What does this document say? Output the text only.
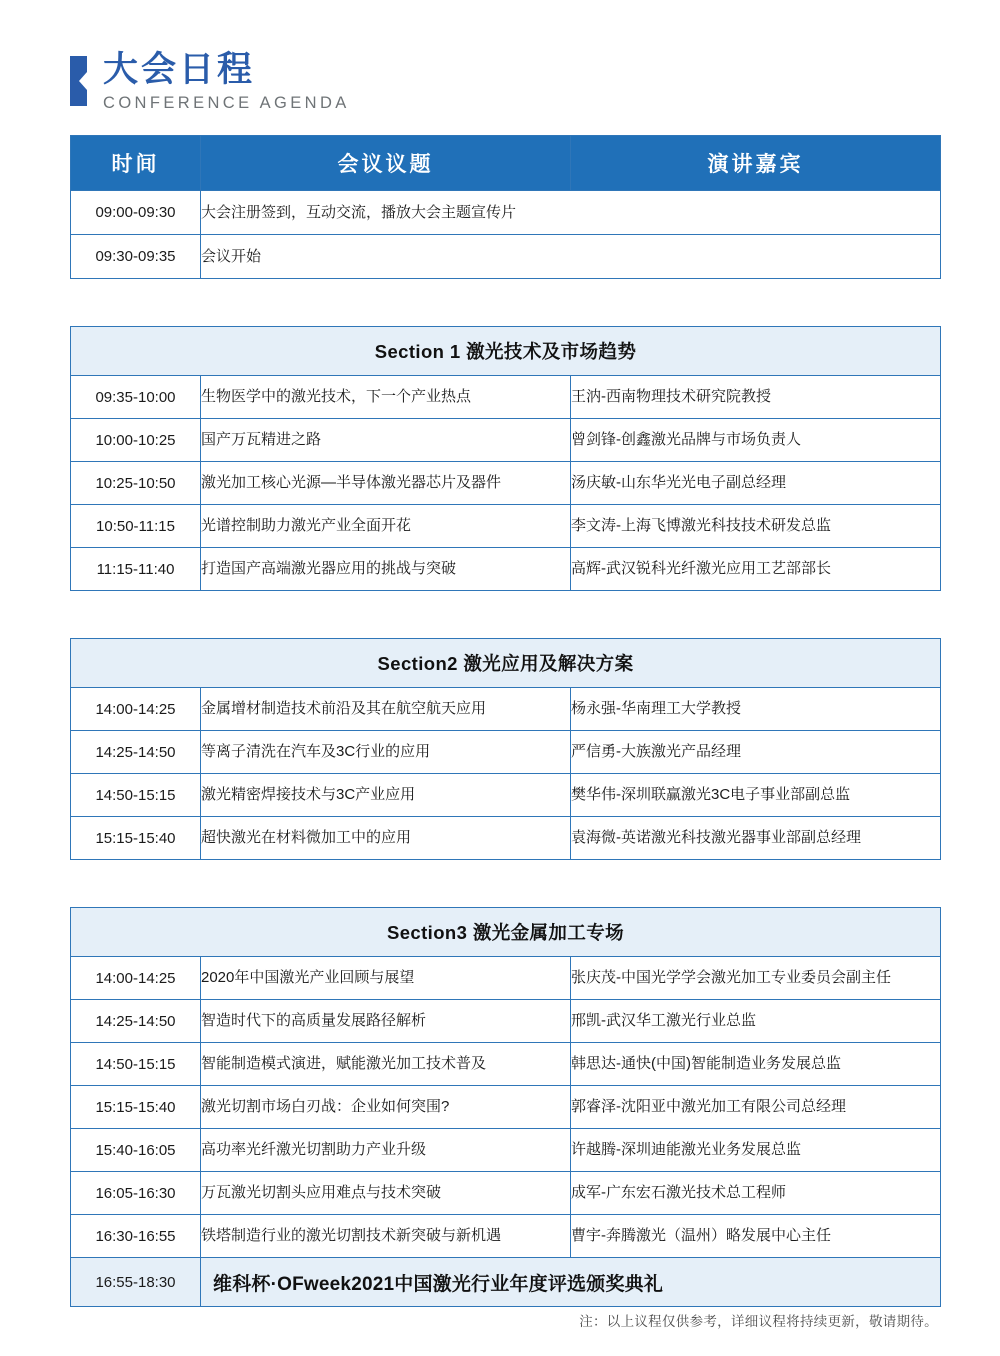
大会日程
CONFERENCE AGENDA
时间	会议议题	演讲嘉宾
09:00-09:30	大会注册签到，互动交流，播放大会主题宣传片	
09:30-09:35	会议开始	
Section 1 激光技术及市场趋势		
09:35-10:00	生物医学中的激光技术，下一个产业热点	王汭-西南物理技术研究院教授
10:00-10:25	国产万瓦精进之路	曾剑锋-创鑫激光品牌与市场负责人
10:25-10:50	激光加工核心光源—半导体激光器芯片及器件	汤庆敏-山东华光光电子副总经理
10:50-11:15	光谱控制助力激光产业全面开花	李文涛-上海飞博激光科技技术研发总监
11:15-11:40	打造国产高端激光器应用的挑战与突破	高辉-武汉锐科光纤激光应用工艺部部长
Section2 激光应用及解决方案		
14:00-14:25	金属增材制造技术前沿及其在航空航天应用	杨永强-华南理工大学教授
14:25-14:50	等离子清洗在汽车及3C行业的应用	严信勇-大族激光产品经理
14:50-15:15	激光精密焊接技术与3C产业应用	樊华伟-深圳联赢激光3C电子事业部副总监
15:15-15:40	超快激光在材料微加工中的应用	袁海微-英诺激光科技激光器事业部副总经理
Section3 激光金属加工专场		
14:00-14:25	2020年中国激光产业回顾与展望	张庆茂-中国光学学会激光加工专业委员会副主任
14:25-14:50	智造时代下的高质量发展路径解析	邢凯-武汉华工激光行业总监
14:50-15:15	智能制造模式演进，赋能激光加工技术普及	韩思达-通快(中国)智能制造业务发展总监
15:15-15:40	激光切割市场白刃战：企业如何突围?	郭睿泽-沈阳亚中激光加工有限公司总经理
15:40-16:05	高功率光纤激光切割助力产业升级	许越腾-深圳迪能激光业务发展总监
16:05-16:30	万瓦激光切割头应用难点与技术突破	成军-广东宏石激光技术总工程师
16:30-16:55	铁塔制造行业的激光切割技术新突破与新机遇	曹宇-奔腾激光（温州）略发展中心主任
16:55-18:30	维科杯·OFweek2021中国激光行业年度评选颁奖典礼	
注：以上议程仅供参考，详细议程将持续更新，敬请期待。
